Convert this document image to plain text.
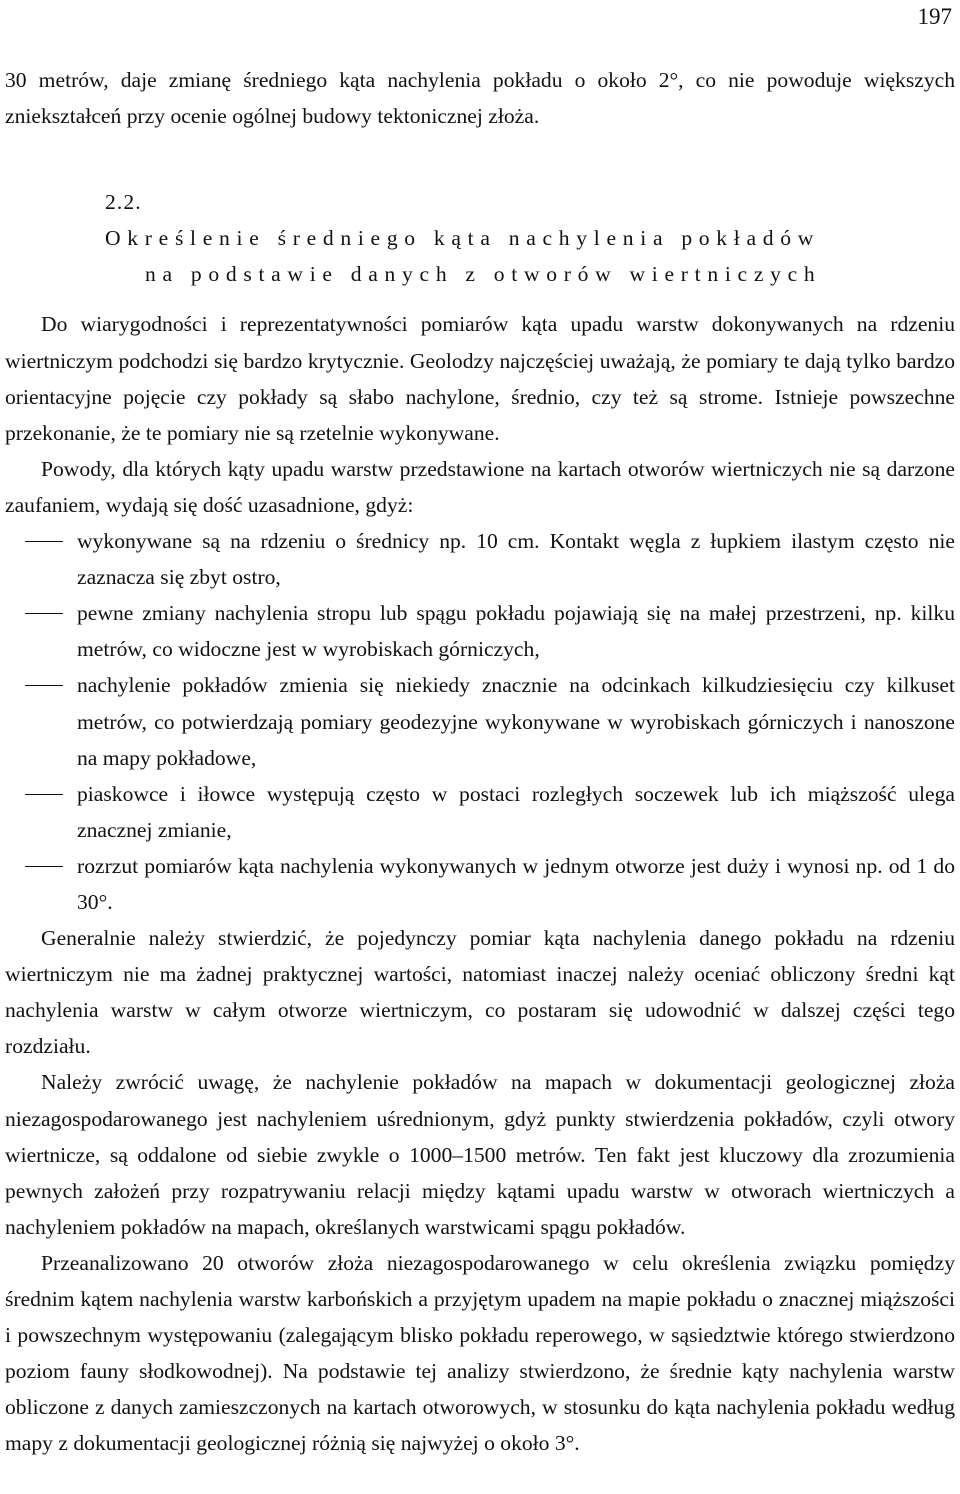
197

30 metrów, daje zmianę średniego kąta nachylenia pokładu o około 2°, co nie powoduje większych zniekształceń przy ocenie ogólnej budowy tektonicznej złoża.

2.2.
Określenie średniego kąta nachylenia pokładów
na podstawie danych z otworów wiertniczych

Do wiarygodności i reprezentatywności pomiarów kąta upadu warstw dokonywanych na rdzeniu wiertniczym podchodzi się bardzo krytycznie. Geolodzy najczęściej uważają, że pomiary te dają tylko bardzo orientacyjne pojęcie czy pokłady są słabo nachylone, średnio, czy też są strome. Istnieje powszechne przekonanie, że te pomiary nie są rzetelnie wykonywane.

Powody, dla których kąty upadu warstw przedstawione na kartach otworów wiertniczych nie są darzone zaufaniem, wydają się dość uzasadnione, gdyż:

wykonywane są na rdzeniu o średnicy np. 10 cm. Kontakt węgla z łupkiem ilastym często nie zaznacza się zbyt ostro,
pewne zmiany nachylenia stropu lub spągu pokładu pojawiają się na małej przestrzeni, np. kilku metrów, co widoczne jest w wyrobiskach górniczych,
nachylenie pokładów zmienia się niekiedy znacznie na odcinkach kilkudziesięciu czy kilkuset metrów, co potwierdzają pomiary geodezyjne wykonywane w wyrobiskach górniczych i nanoszone na mapy pokładowe,
piaskowce i iłowce występują często w postaci rozległych soczewek lub ich miąższość ulega znacznej zmianie,
rozrzut pomiarów kąta nachylenia wykonywanych w jednym otworze jest duży i wynosi np. od 1 do 30°.

Generalnie należy stwierdzić, że pojedynczy pomiar kąta nachylenia danego pokładu na rdzeniu wiertniczym nie ma żadnej praktycznej wartości, natomiast inaczej należy oceniać obliczony średni kąt nachylenia warstw w całym otworze wiertniczym, co postaram się udowodnić w dalszej części tego rozdziału.

Należy zwrócić uwagę, że nachylenie pokładów na mapach w dokumentacji geologicznej złoża niezagospodarowanego jest nachyleniem uśrednionym, gdyż punkty stwierdzenia pokładów, czyli otwory wiertnicze, są oddalone od siebie zwykle o 1000–1500 metrów. Ten fakt jest kluczowy dla zrozumienia pewnych założeń przy rozpatrywaniu relacji między kątami upadu warstw w otworach wiertniczych a nachyleniem pokładów na mapach, określanych warstwicami spągu pokładów.

Przeanalizowano 20 otworów złoża niezagospodarowanego w celu określenia związku pomiędzy średnim kątem nachylenia warstw karbońskich a przyjętym upadem na mapie pokładu o znacznej miąższości i powszechnym występowaniu (zalegającym blisko pokładu reperowego, w sąsiedztwie którego stwierdzono poziom fauny słodkowodnej). Na podstawie tej analizy stwierdzono, że średnie kąty nachylenia warstw obliczone z danych zamieszczonych na kartach otworowych, w stosunku do kąta nachylenia pokładu według mapy z dokumentacji geologicznej różnią się najwyżej o około 3°.
